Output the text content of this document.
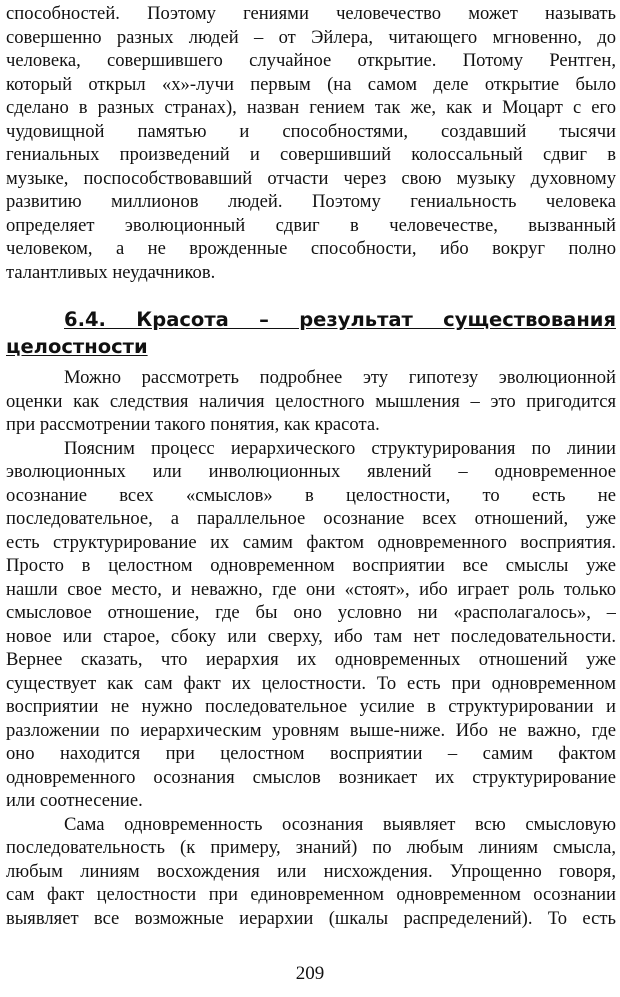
способностей. Поэтому гениями человечество может называть
совершенно разных людей – от Эйлера, читающего мгновенно, до
человека, совершившего случайное открытие. Потому Рентген,
который открыл «х»-лучи первым (на самом деле открытие было
сделано в разных странах), назван гением так же, как и Моцарт с его
чудовищной памятью и способностями, создавший тысячи
гениальных произведений и совершивший колоссальный сдвиг в
музыке, поспособствовавший отчасти через свою музыку духовному
развитию миллионов людей. Поэтому гениальность человека
определяет эволюционный сдвиг в человечестве, вызванный
человеком, а не врожденные способности, ибо вокруг полно
талантливых неудачников.
6.4. Красота – результат существования
целостности
Можно рассмотреть подробнее эту гипотезу эволюционной
оценки как следствия наличия целостного мышления – это пригодится
при рассмотрении такого понятия, как красота.
Поясним процесс иерархического структурирования по линии
эволюционных или инволюционных явлений – одновременное
осознание всех «смыслов» в целостности, то есть не
последовательное, а параллельное осознание всех отношений, уже
есть структурирование их самим фактом одновременного восприятия.
Просто в целостном одновременном восприятии все смыслы уже
нашли свое место, и неважно, где они «стоят», ибо играет роль только
смысловое отношение, где бы оно условно ни «располагалось», –
новое или старое, сбоку или сверху, ибо там нет последовательности.
Вернее сказать, что иерархия их одновременных отношений уже
существует как сам факт их целостности. То есть при одновременном
восприятии не нужно последовательное усилие в структурировании и
разложении по иерархическим уровням выше-ниже. Ибо не важно, где
оно находится при целостном восприятии – самим фактом
одновременного осознания смыслов возникает их структурирование
или соотнесение.
Сама одновременность осознания выявляет всю смысловую
последовательность (к примеру, знаний) по любым линиям смысла,
любым линиям восхождения или нисхождения. Упрощенно говоря,
сам факт целостности при единовременном одновременном осознании
выявляет все возможные иерархии (шкалы распределений). То есть
209
